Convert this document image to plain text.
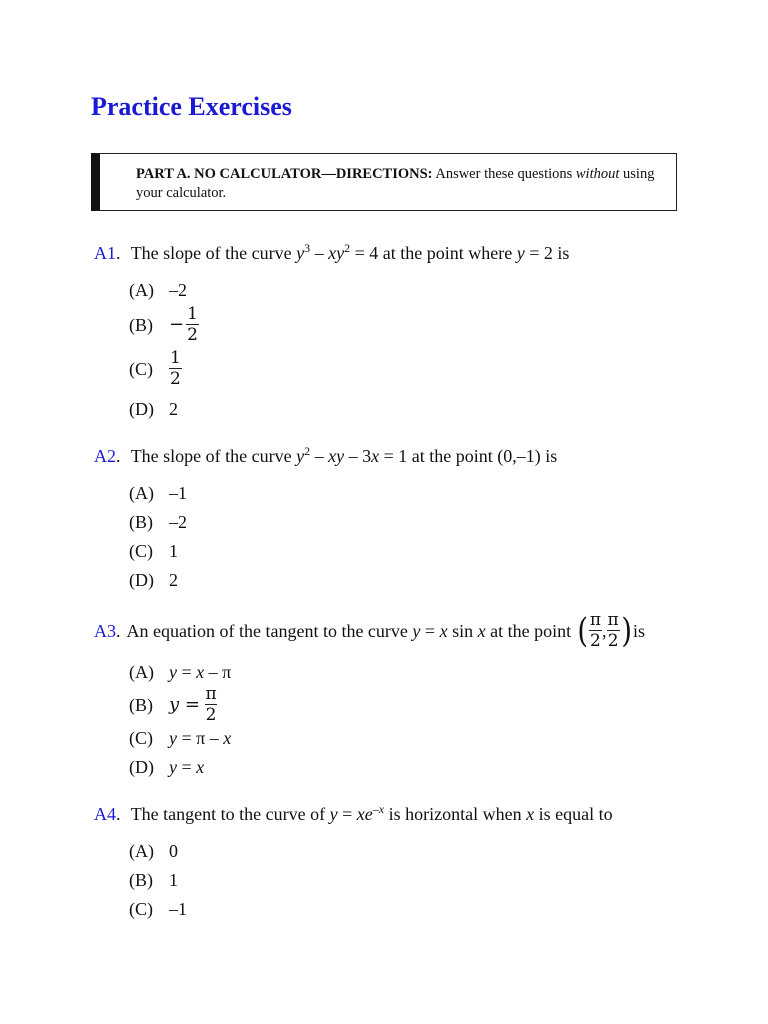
Practice Exercises
PART A. NO CALCULATOR—DIRECTIONS: Answer these questions without using your calculator.
A1. The slope of the curve $y^3 - xy^2 = 4$ at the point where y = 2 is
(A) –2
$(B) - \frac{1}{2}$
$(C) \frac{1}{2}$
(D) 2
A2. The slope of the curve $y^2$ – xy – 3x = 1 at the point (0,–1) is
(A) –1
(B) –2
(C) 1
(D) 2
A3 . An equation of the tangent to the curve y = x sin x at the point ( $\frac{\pi}{2}$ , $\frac{\pi}{2}$ ) is
(A) y = x – π
(B) y =
$\frac{\pi}{2}$
(C) y = π – x
(D) y = x
A4. The tangent to the curve of $y = xe^{-x}$ is horizontal when x is equal to
(A) 0
(B) 1
(C) –1
